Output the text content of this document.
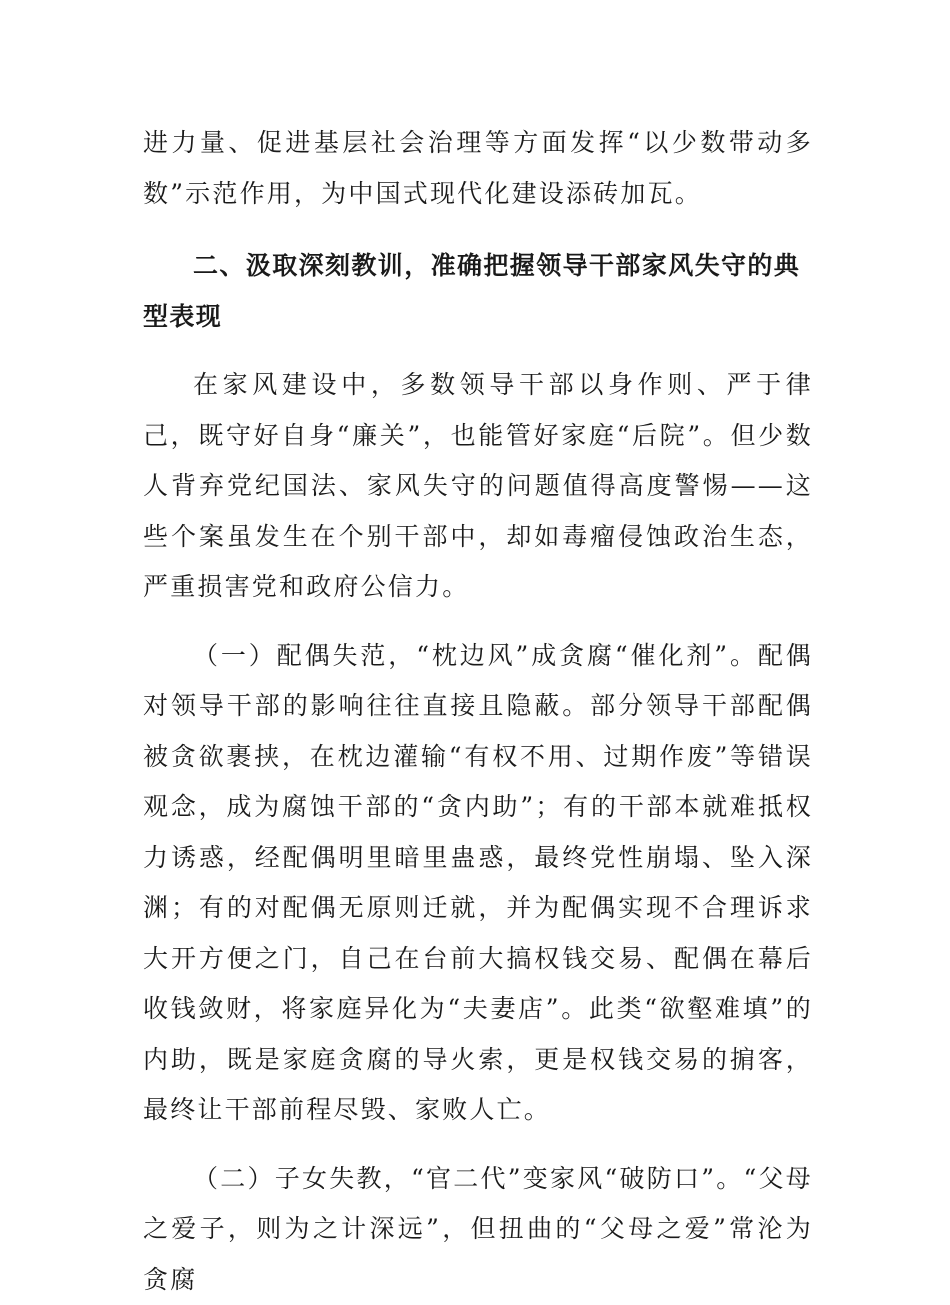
进力量、促进基层社会治理等方面发挥“以少数带动多数”示范作用，为中国式现代化建设添砖加瓦。

二、汲取深刻教训，准确把握领导干部家风失守的典型表现

在家风建设中，多数领导干部以身作则、严于律己，既守好自身“廉关”，也能管好家庭“后院”。但少数人背弃党纪国法、家风失守的问题值得高度警惕——这些个案虽发生在个别干部中，却如毒瘤侵蚀政治生态，严重损害党和政府公信力。

（一）配偶失范，“枕边风”成贪腐“催化剂”。配偶对领导干部的影响往往直接且隐蔽。部分领导干部配偶被贪欲裹挟，在枕边灌输“有权不用、过期作废”等错误观念，成为腐蚀干部的“贪内助”；有的干部本就难抵权力诱惑，经配偶明里暗里蛊惑，最终党性崩塌、坠入深渊；有的对配偶无原则迁就，并为配偶实现不合理诉求大开方便之门，自己在台前大搞权钱交易、配偶在幕后收钱敛财，将家庭异化为“夫妻店”。此类“欲壑难填”的内助，既是家庭贪腐的导火索，更是权钱交易的掮客，最终让干部前程尽毁、家败人亡。

（二）子女失教，“官二代”变家风“破防口”。“父母之爱子，则为之计深远”，但扭曲的“父母之爱”常沦为贪腐
